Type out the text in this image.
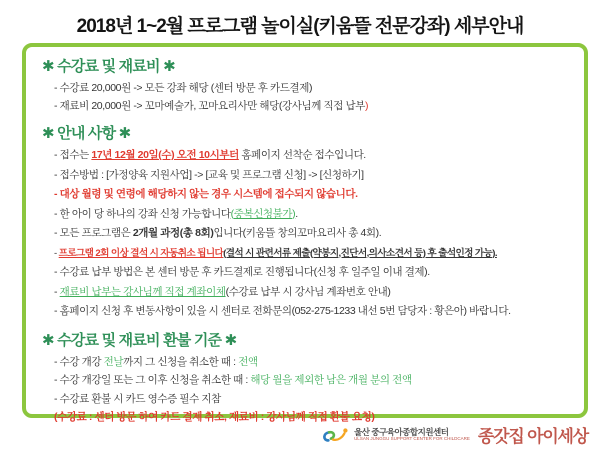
2018년 1~2월 프로그램 놀이실(키움뜰 전문강좌) 세부안내
✱ 수강료 및 재료비 ✱
- 수강료 20,000원 -> 모든 강좌 해당 (센터 방문 후 카드결제)
- 재료비 20,000원 -> 꼬마예술가, 꼬마요리사만 해당(강사님께 직접 납부)
✱ 안내 사항 ✱
- 접수는 17년 12월 20일(수) 오전 10시부터 홈페이지 선착순 접수입니다.
- 접수방법 : [가정양육 지원사업] -> [교육 및 프로그램 신청] -> [신청하기]
- 대상 월령 및 연령에 해당하지 않는 경우 시스템에 접수되지 않습니다.
- 한 아이 당 하나의 강좌 신청 가능합니다(중복신청불가).
- 모든 프로그램은 2개월 과정(총 8회)입니다(키움뜰 창의꼬마요리사 총 4회).
- 프로그램 2회 이상 결석 시 자동취소 됩니다(결석 시 관련서류 제출(약봉지,진단서,의사소견서 등) 후 출석인정 가능).
- 수강료 납부 방법은 본 센터 방문 후 카드결제로 진행됩니다(신청 후 일주일 이내 결제).
- 재료비 납부는 강사님께 직접 계좌이체(수강료 납부 시 강사님 계좌번호 안내)
- 홈페이지 신청 후 변동사항이 있을 시 센터로 전화문의(052-275-1233 내선 5번 담당자 : 황은아) 바랍니다.
✱ 수강료 및 재료비 환불 기준 ✱
- 수강 개강 전날까지 그 신청을 취소한 때 : 전액
- 수강 개강일 또는 그 이후 신청을 취소한 때 : 해당 월을 제외한 남은 개월 분의 전액
- 수강료 환불 시 카드 영수증 필수 지참
(수강료 : 센터 방문 하여 카드 결제 취소, 재료비 : 강사님께 직접 환불 요청)
울산 중구육아종합지원센터
ULSAN JUNGGU SUPPORT CENTER FOR CHILDCARE 종갓집 아이세상
